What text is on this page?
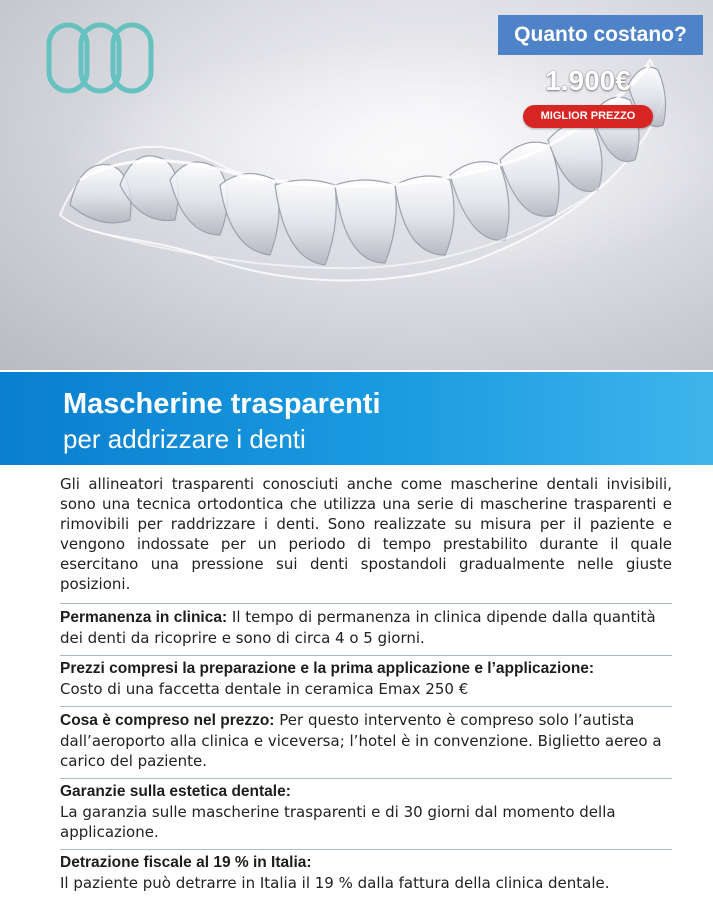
Quanto costano?
1.900€
MIGLIOR PREZZO
Mascherine trasparenti
per addrizzare i denti

Gli allineatori trasparenti conosciuti anche come mascherine dentali invisibili, sono una tecnica ortodontica che utilizza una serie di mascherine trasparenti e rimovibili per raddrizzare i denti. Sono realizzate su misura per il paziente e vengono indossate per un periodo di tempo prestabilito durante il quale esercitano una pressione sui denti spostandoli gradualmente nelle giuste posizioni.

Permanenza in clinica: Il tempo di permanenza in clinica dipende dalla quantità dei denti da ricoprire e sono di circa 4 o 5 giorni.
Prezzi compresi la preparazione e la prima applicazione e l’applicazione:
Costo di una faccetta dentale in ceramica Emax 250 €
Cosa è compreso nel prezzo: Per questo intervento è compreso solo l’autista dall’aeroporto alla clinica e viceversa; l’hotel è in convenzione. Biglietto aereo a carico del paziente.
Garanzie sulla estetica dentale:
La garanzia sulle mascherine trasparenti e di 30 giorni dal momento della applicazione.
Detrazione fiscale al 19 % in Italia:
Il paziente può detrarre in Italia il 19 % dalla fattura della clinica dentale.
